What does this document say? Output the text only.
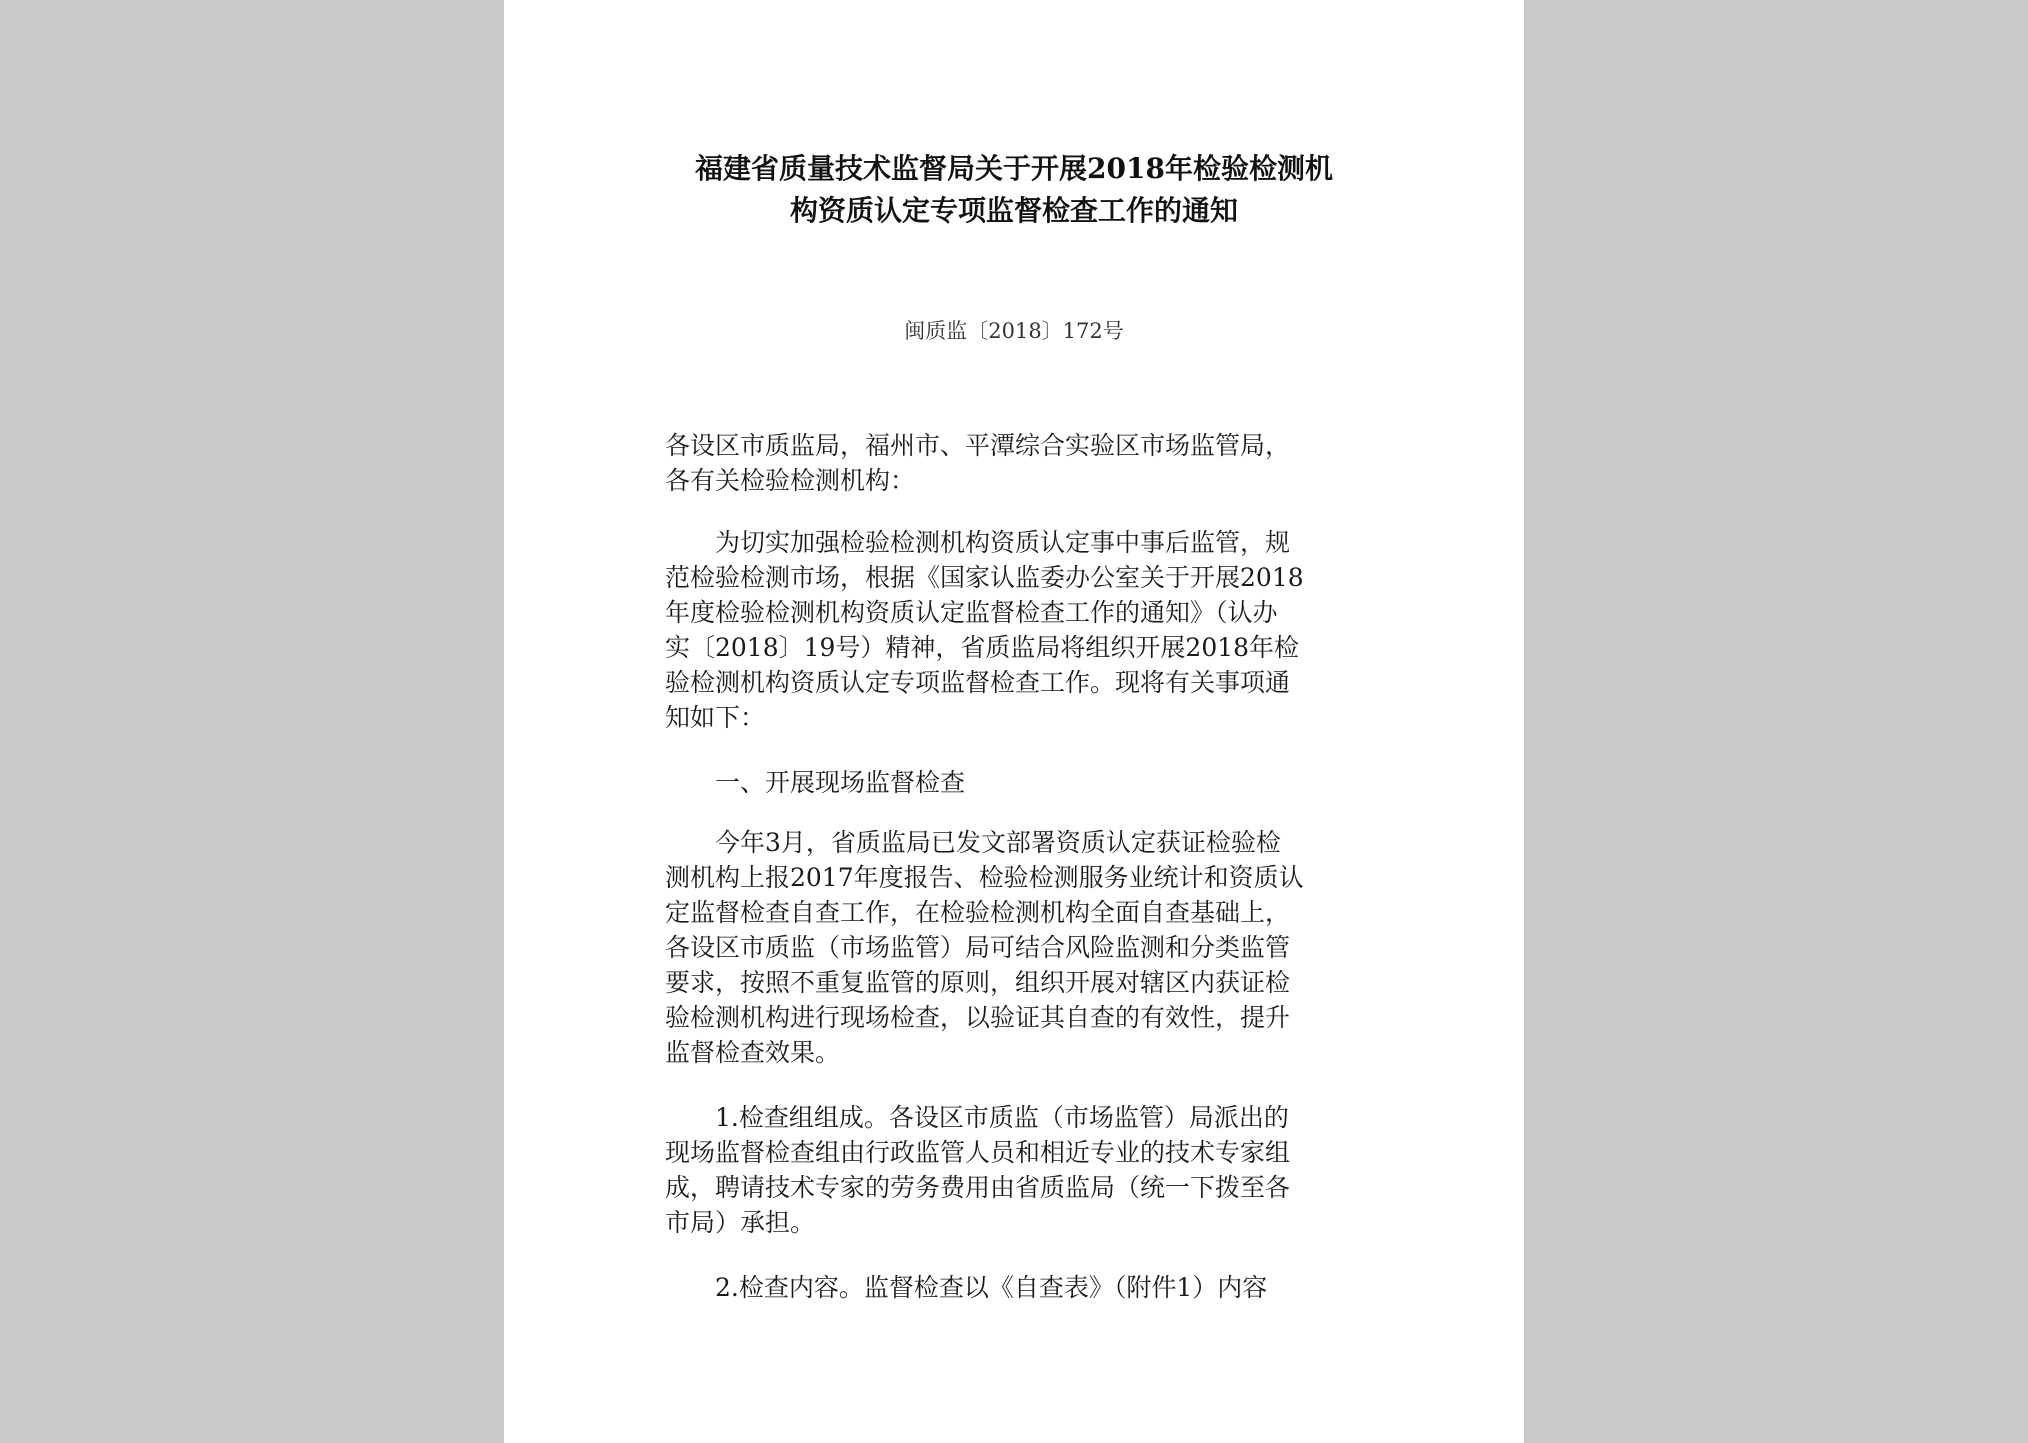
福建省质量技术监督局关于开展2018年检验检测机
构资质认定专项监督检查工作的通知
闽质监〔2018〕172号
各设区市质监局，福州市、平潭综合实验区市场监管局，
各有关检验检测机构：
　　为切实加强检验检测机构资质认定事中事后监管，规
范检验检测市场，根据《国家认监委办公室关于开展2018
年度检验检测机构资质认定监督检查工作的通知》（认办
实〔2018〕19号）精神，省质监局将组织开展2018年检
验检测机构资质认定专项监督检查工作。现将有关事项通
知如下：
　　一、开展现场监督检查
　　今年3月，省质监局已发文部署资质认定获证检验检
测机构上报2017年度报告、检验检测服务业统计和资质认
定监督检查自查工作，在检验检测机构全面自查基础上，
各设区市质监（市场监管）局可结合风险监测和分类监管
要求，按照不重复监管的原则，组织开展对辖区内获证检
验检测机构进行现场检查，以验证其自查的有效性，提升
监督检查效果。
　　1.检查组组成。各设区市质监（市场监管）局派出的
现场监督检查组由行政监管人员和相近专业的技术专家组
成，聘请技术专家的劳务费用由省质监局（统一下拨至各
市局）承担。
　　2.检查内容。监督检查以《自查表》（附件1）内容
